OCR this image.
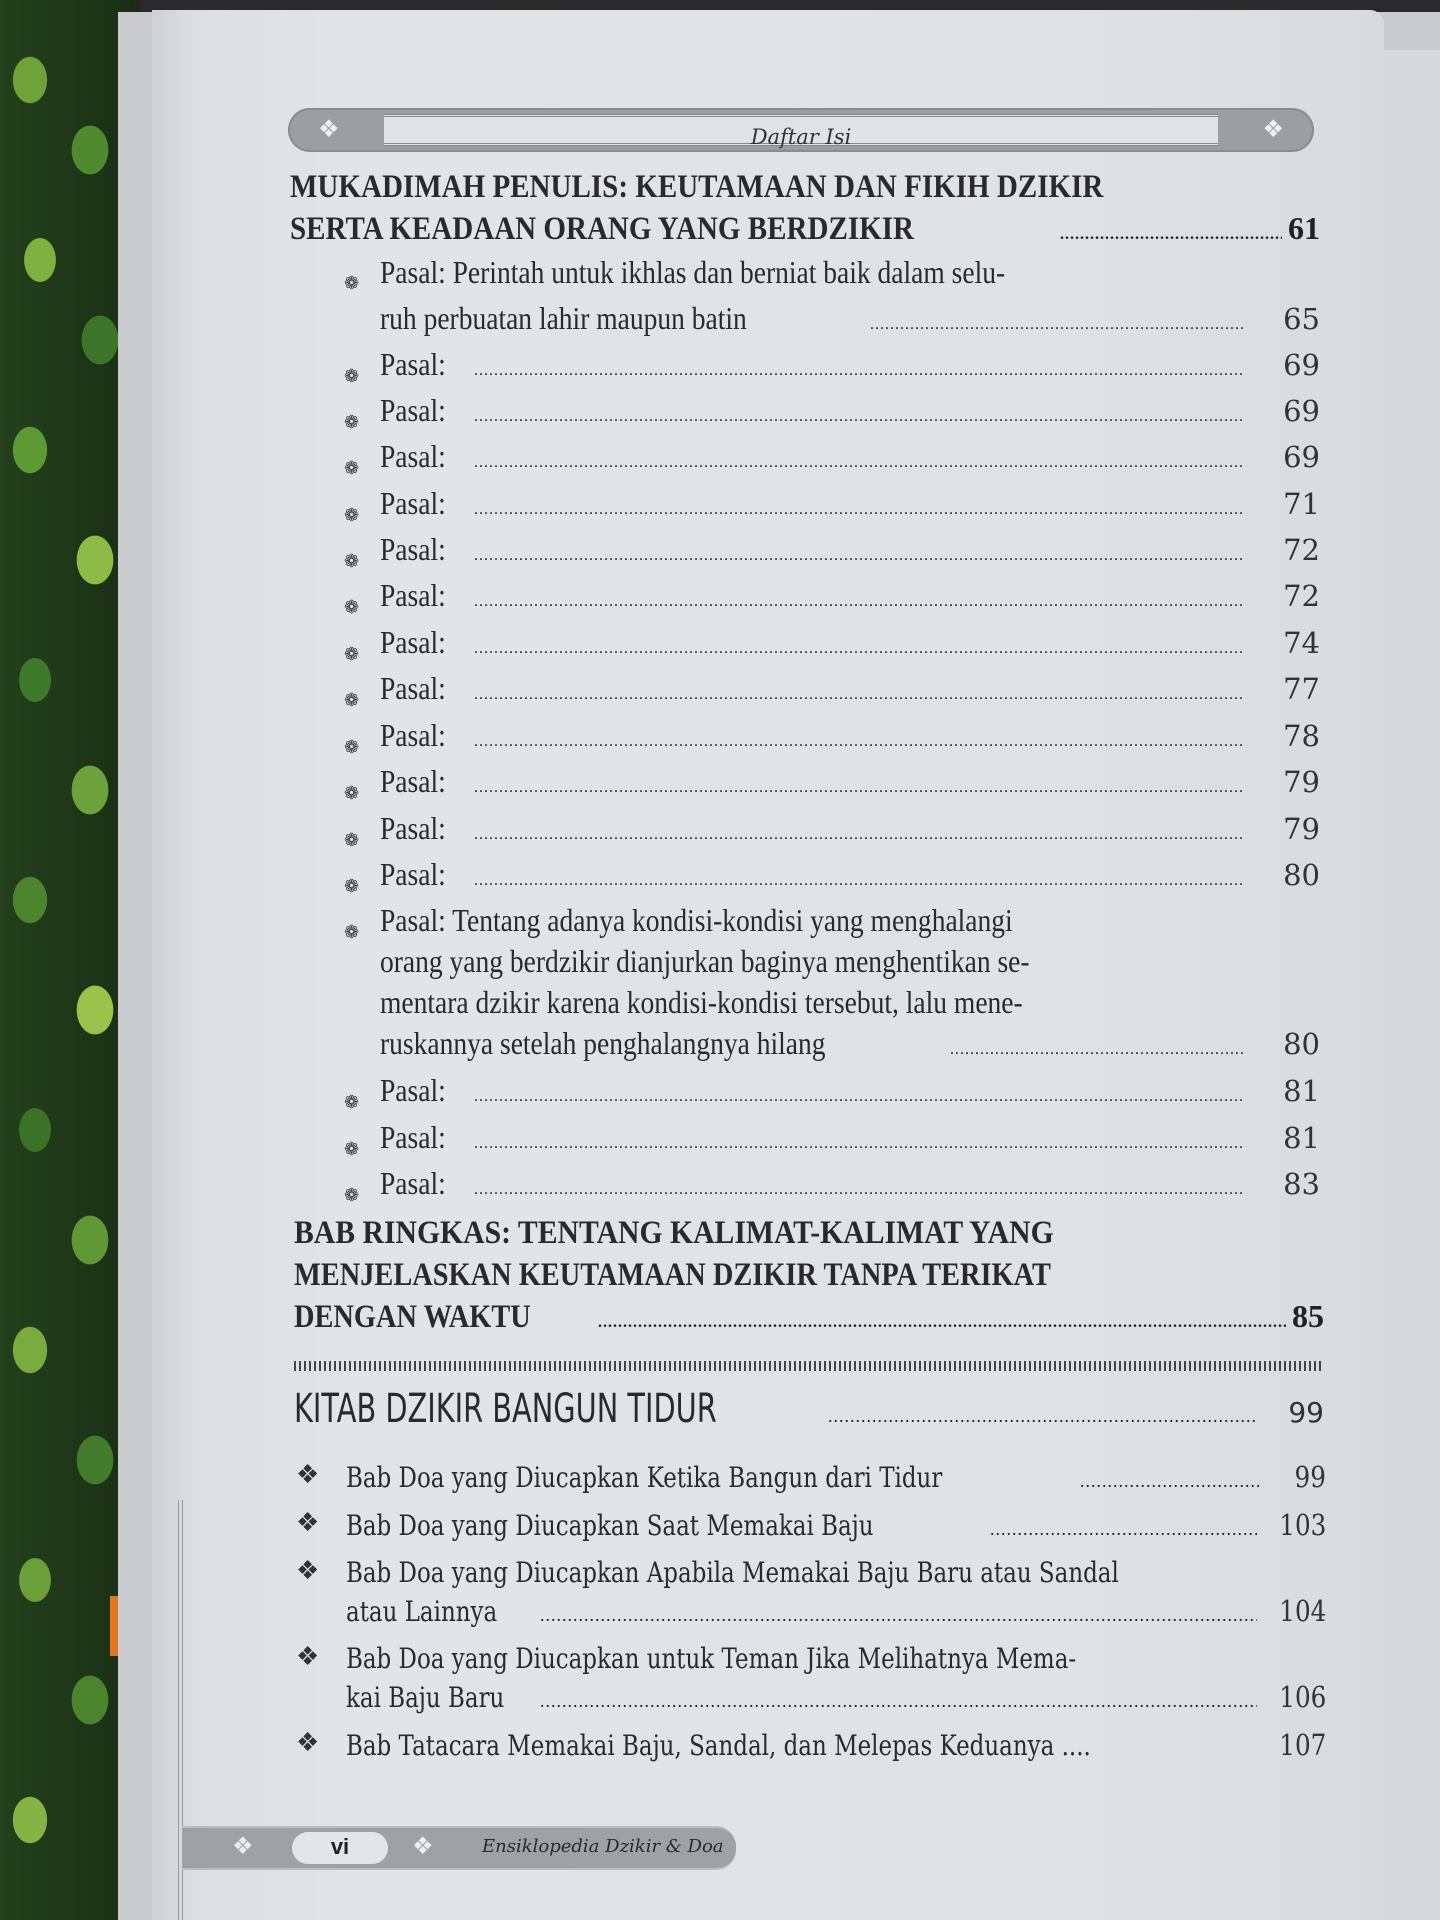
❖	Daftar Isi	❖
MUKADIMAH PENULIS: KEUTAMAAN DAN FIKIH DZIKIR
SERTA KEADAAN ORANG YANG BERDZIKIR .....	61
❁ Pasal: Perintah untuk ikhlas dan berniat baik dalam selu-
ruh perbuatan lahir maupun batin .....	65
❁ Pasal: .....	69
❁ Pasal: .....	69
❁ Pasal: .....	69
❁ Pasal: .....	71
❁ Pasal: .....	72
❁ Pasal: .....	72
❁ Pasal: .....	74
❁ Pasal: .....	77
❁ Pasal: .....	78
❁ Pasal: .....	79
❁ Pasal: .....	79
❁ Pasal: .....	80
❁ Pasal: Tentang adanya kondisi-kondisi yang menghalangi
orang yang berdzikir dianjurkan baginya menghentikan se-
mentara dzikir karena kondisi-kondisi tersebut, lalu mene-
ruskannya setelah penghalangnya hilang .....	80
❁ Pasal: .....	81
❁ Pasal: .....	81
❁ Pasal: .....	83
BAB RINGKAS: TENTANG KALIMAT-KALIMAT YANG
MENJELASKAN KEUTAMAAN DZIKIR TANPA TERIKAT
DENGAN WAKTU .....	85
KITAB DZIKIR BANGUN TIDUR .....	99
❖ Bab Doa yang Diucapkan Ketika Bangun dari Tidur .....	99
❖ Bab Doa yang Diucapkan Saat Memakai Baju .....	103
❖ Bab Doa yang Diucapkan Apabila Memakai Baju Baru atau Sandal
atau Lainnya .....	104
❖ Bab Doa yang Diucapkan untuk Teman Jika Melihatnya Mema-
kai Baju Baru .....	106
❖ Bab Tatacara Memakai Baju, Sandal, dan Melepas Keduanya ....	107
❖	vi	❖	Ensiklopedia Dzikir & Doa
